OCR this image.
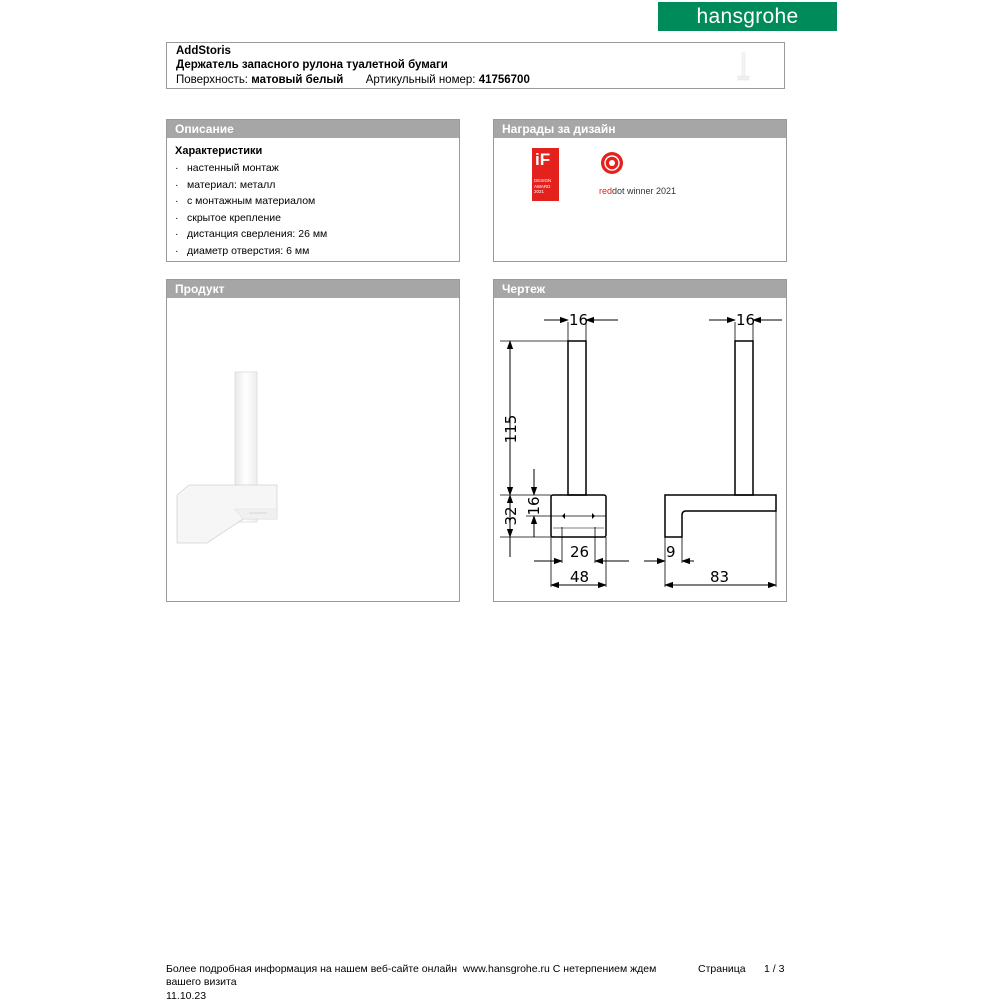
hansgrohe
AddStoris
Держатель запасного рулона туалетной бумаги
Поверхность: матовый белый Артикульный номер: 41756700
Описание
Характеристики
· настенный монтаж
· материал: металл
· с монтажным материалом
· скрытое крепление
· дистанция сверления: 26 мм
· диаметр отверстия: 6 мм
Награды за дизайн
iF
DESIGN
AWARD
2021	reddot winner 2021
Продукт	Чертеж
16	16
115
32
16
26
48
9
83
Более подробная информация на нашем веб-сайте онлайн www.hansgrohe.ru С нетерпением ждем
вашего визита
11.10.23
Страница 1 / 3
